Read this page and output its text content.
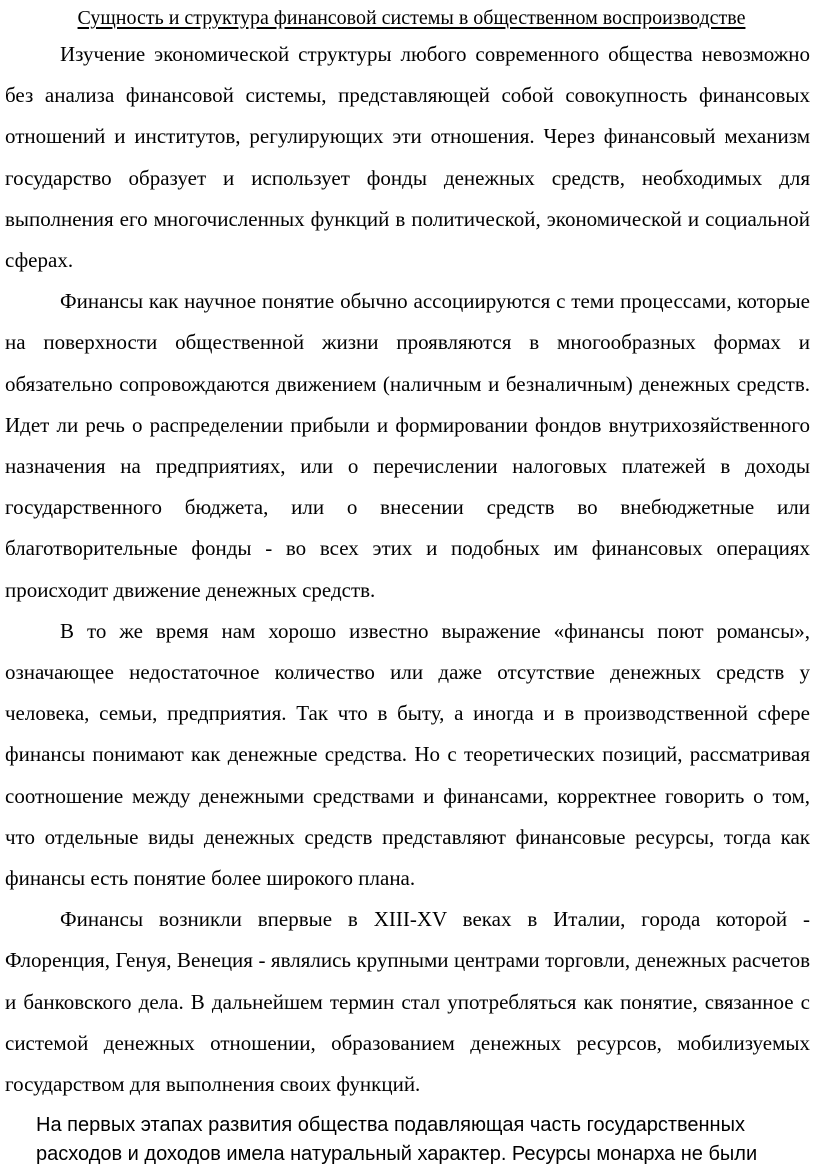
Сущность и структура финансовой системы в общественном воспроизводстве

Изучение экономической структуры любого современного общества невозможно без анализа финансовой системы, представляющей собой совокупность финансовых отношений и институтов, регулирующих эти отношения. Через финансовый механизм государство образует и использует фонды денежных средств, необходимых для выполнения его многочисленных функций в политической, экономической и социальной сферах.

Финансы как научное понятие обычно ассоциируются с теми процессами, которые на поверхности общественной жизни проявляются в многообразных формах и обязательно сопровождаются движением (наличным и безналичным) денежных средств. Идет ли речь о распределении прибыли и формировании фондов внутрихозяйственного назначения на предприятиях, или о перечислении налоговых платежей в доходы государственного бюджета, или о внесении средств во внебюджетные или благотворительные фонды - во всех этих и подобных им финансовых операциях происходит движение денежных средств.

В то же время нам хорошо известно выражение «финансы поют романсы», означающее недостаточное количество или даже отсутствие денежных средств у человека, семьи, предприятия. Так что в быту, а иногда и в производственной сфере финансы понимают как денежные средства. Но с теоретических позиций, рассматривая соотношение между денежными средствами и финансами, корректнее говорить о том, что отдельные виды денежных средств представляют финансовые ресурсы, тогда как финансы есть понятие более широкого плана.

Финансы возникли впервые в XIII-XV веках в Италии, города которой - Флоренция, Генуя, Венеция - являлись крупными центрами торговли, денежных расчетов и банковского дела. В дальнейшем термин стал употребляться как понятие, связанное с системой денежных отношении, образованием денежных ресурсов, мобилизуемых государством для выполнения своих функций.

На первых этапах развития общества подавляющая часть государственных
расходов и доходов имела натуральный характер. Ресурсы монарха не были
